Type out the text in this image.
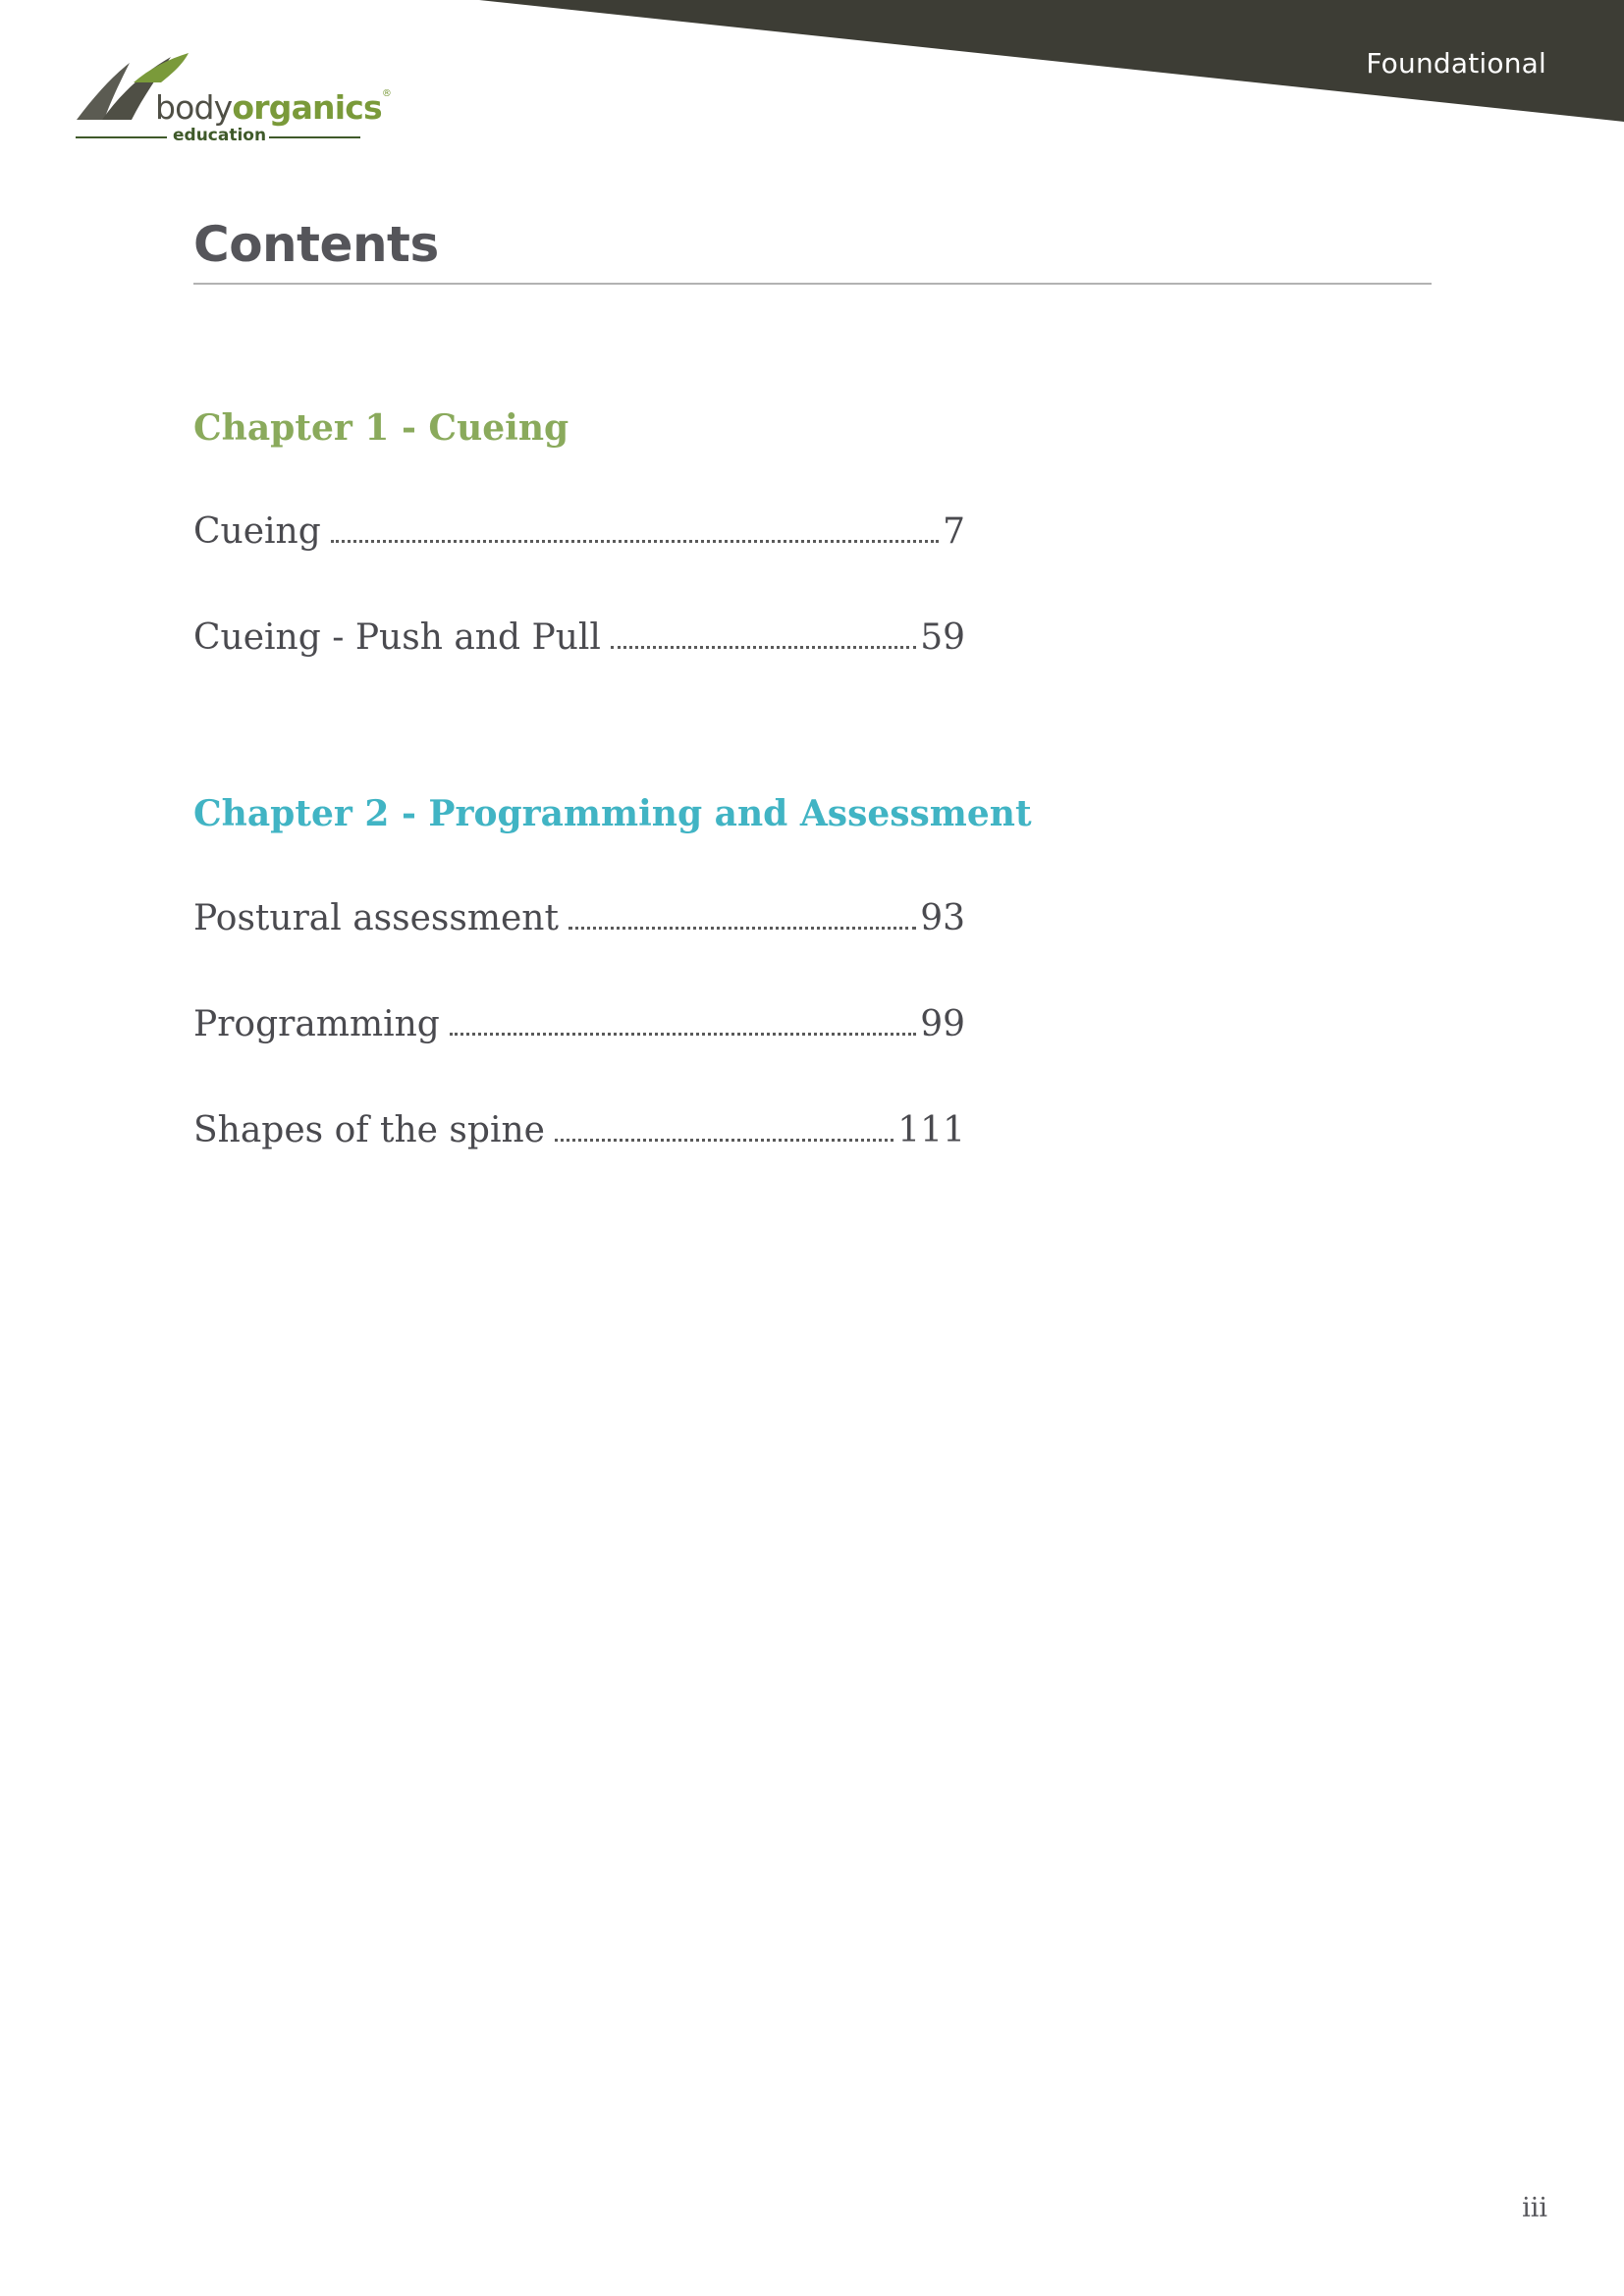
Foundational
bodyorganics®
education
Contents
Chapter 1 - Cueing
Cueing	7
Cueing - Push and Pull	59
Chapter 2 - Programming and Assessment
Postural assessment	93
Programming	99
Shapes of the spine	111
iii
